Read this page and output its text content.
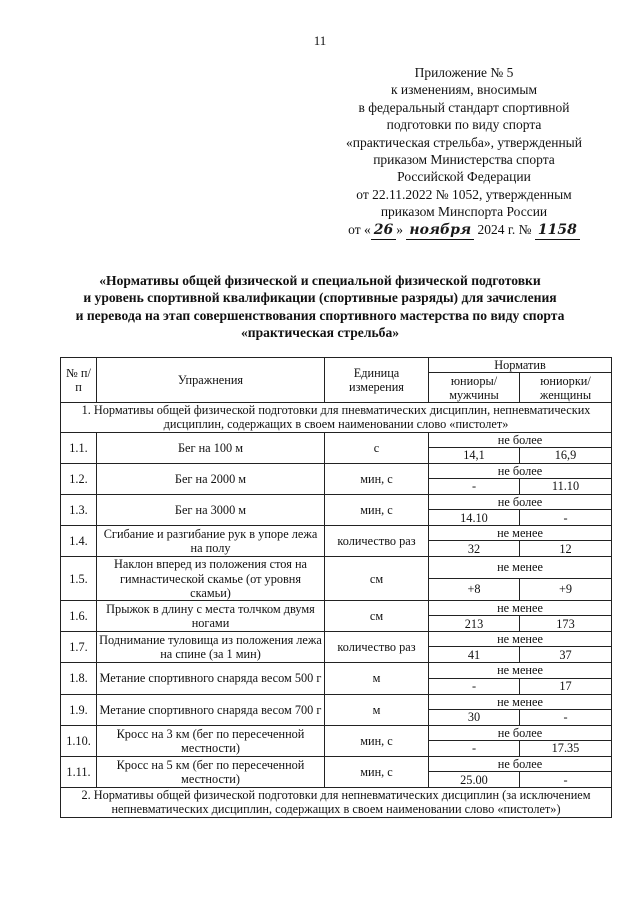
11
Приложение № 5
к изменениям, вносимым
в федеральный стандарт спортивной
подготовки по виду спорта
«практическая стрельба», утвержденный
приказом Министерства спорта
Российской Федерации
от 22.11.2022 № 1052, утвержденным
приказом Минспорта России
от « 26 » ноября 2024 г. № 1158
«Нормативы общей физической и специальной физической подготовки
и уровень спортивной квалификации (спортивные разряды) для зачисления
и перевода на этап совершенствования спортивного мастерства по виду спорта
«практическая стрельба»
№ п/п	Упражнения	Единица измерения	Норматив	
			юниоры/ мужчины	юниорки/ женщины
1. Нормативы общей физической подготовки для пневматических дисциплин, непневматических дисциплин, содержащих в своем наименовании слово «пистолет»				
1.1.	Бег на 100 м	с	не более	
			14,1	16,9
1.2.	Бег на 2000 м	мин, с	не более	
			-	11.10
1.3.	Бег на 3000 м	мин, с	не более	
			14.10	-
1.4.	Сгибание и разгибание рук в упоре лежа на полу	количество раз	не менее	
			32	12
1.5.	Наклон вперед из положения стоя на гимнастической скамье (от уровня скамьи)	см	не менее	
			+8	+9
1.6.	Прыжок в длину с места толчком двумя ногами	см	не менее	
			213	173
1.7.	Поднимание туловища из положения лежа на спине (за 1 мин)	количество раз	не менее	
			41	37
1.8.	Метание спортивного снаряда весом 500 г	м	не менее	
			-	17
1.9.	Метание спортивного снаряда весом 700 г	м	не менее	
			30	-
1.10.	Кросс на 3 км (бег по пересеченной местности)	мин, с	не более	
			-	17.35
1.11.	Кросс на 5 км (бег по пересеченной местности)	мин, с	не более	
			25.00	-
2. Нормативы общей физической подготовки для непневматических дисциплин (за исключением непневматических дисциплин, содержащих в своем наименовании слово «пистолет»)				
